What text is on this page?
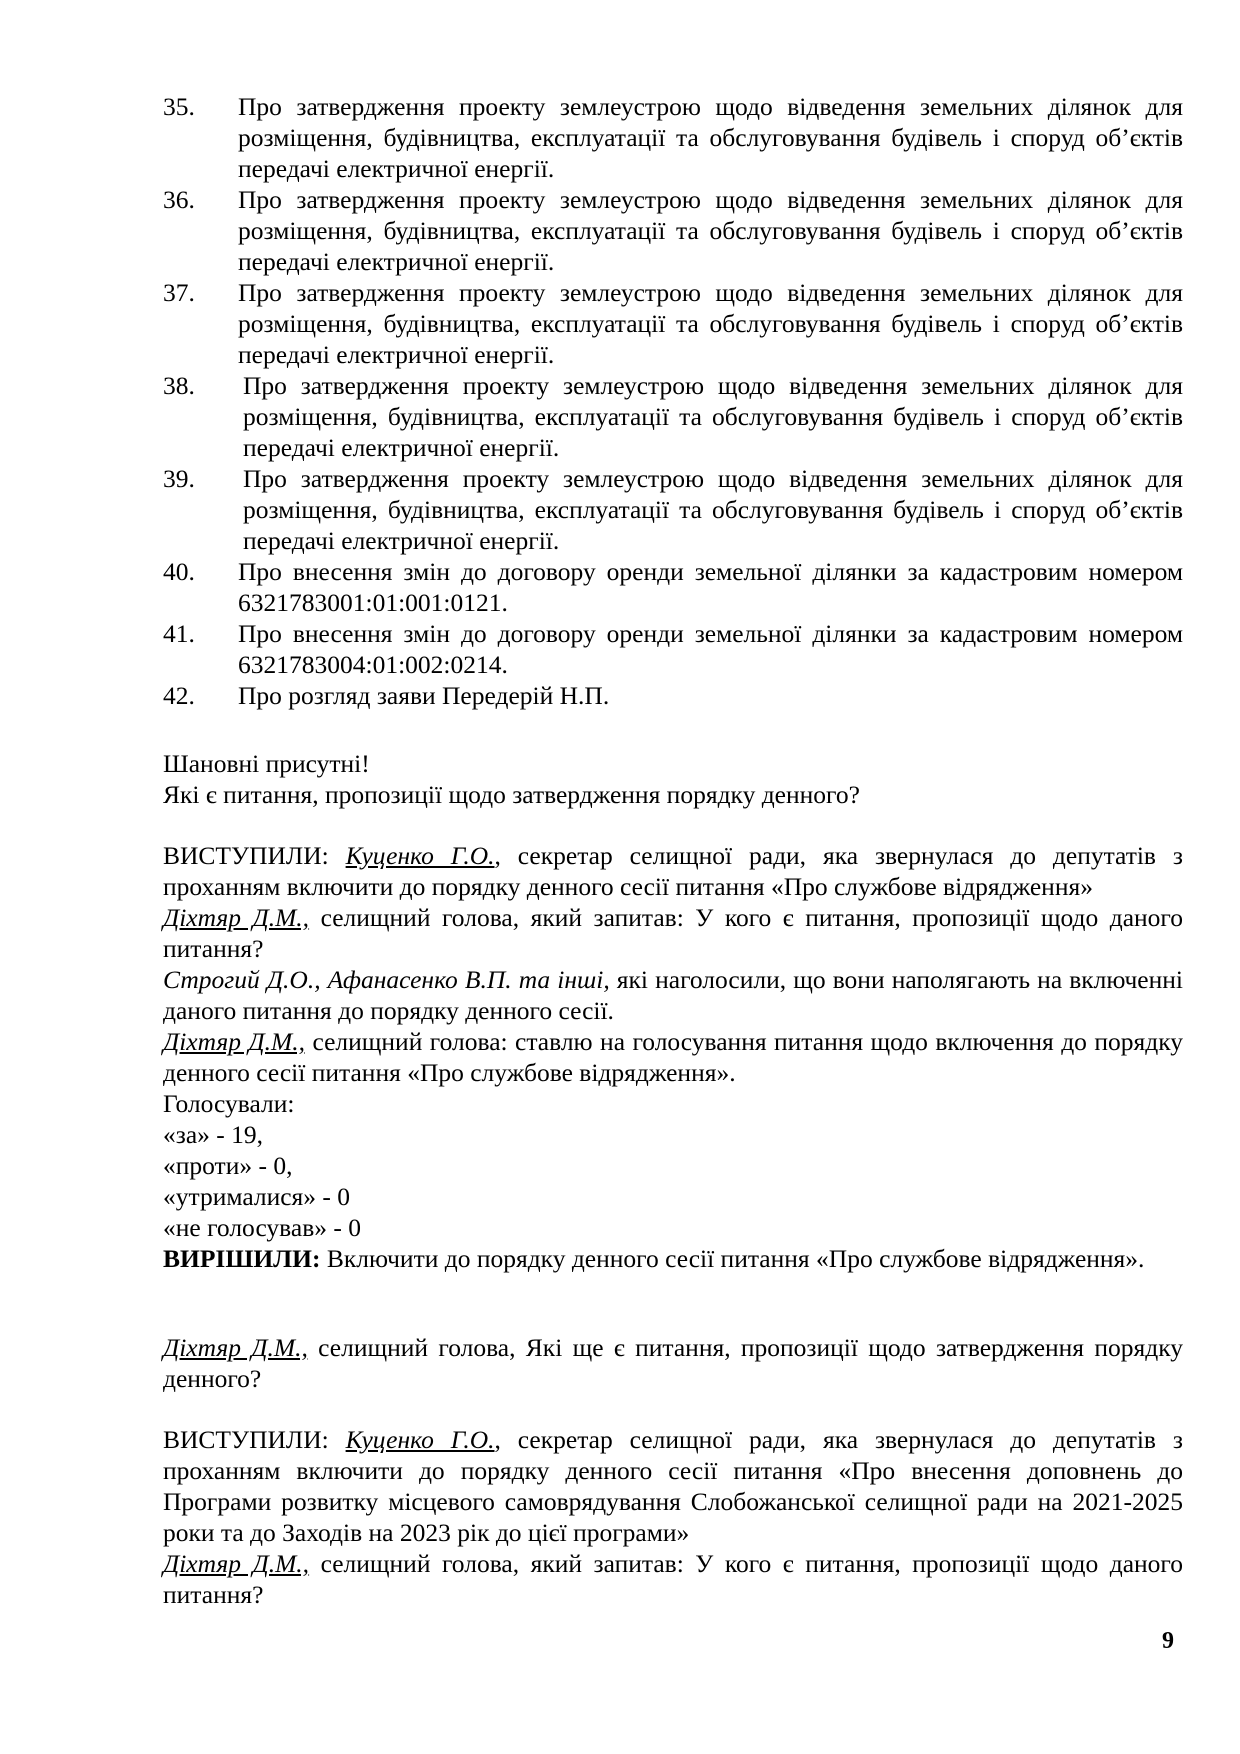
35. Про затвердження проекту землеустрою щодо відведення земельних ділянок для розміщення, будівництва, експлуатації та обслуговування будівель і споруд об’єктів передачі електричної енергії.
36. Про затвердження проекту землеустрою щодо відведення земельних ділянок для розміщення, будівництва, експлуатації та обслуговування будівель і споруд об’єктів передачі електричної енергії.
37. Про затвердження проекту землеустрою щодо відведення земельних ділянок для розміщення, будівництва, експлуатації та обслуговування будівель і споруд об’єктів передачі електричної енергії.
38. Про затвердження проекту землеустрою щодо відведення земельних ділянок для розміщення, будівництва, експлуатації та обслуговування будівель і споруд об’єктів передачі електричної енергії.
39. Про затвердження проекту землеустрою щодо відведення земельних ділянок для розміщення, будівництва, експлуатації та обслуговування будівель і споруд об’єктів передачі електричної енергії.
40. Про внесення змін до договору оренди земельної ділянки за кадастровим номером 6321783001:01:001:0121.
41. Про внесення змін до договору оренди земельної ділянки за кадастровим номером 6321783004:01:002:0214.
42. Про розгляд заяви Передерій Н.П.
Шановні присутні!
Які є питання, пропозиції щодо затвердження порядку денного?
ВИСТУПИЛИ: Куценко Г.О., секретар селищної ради, яка звернулася до депутатів з проханням включити до порядку денного сесії питання «Про службове відрядження»
Діхтяр Д.М., селищний голова, який запитав: У кого є питання, пропозиції щодо даного питання?
Строгий Д.О., Афанасенко В.П. та інші, які наголосили, що вони наполягають на включенні даного питання до порядку денного сесії.
Діхтяр Д.М., селищний голова: ставлю на голосування питання щодо включення до порядку денного сесії питання «Про службове відрядження».
Голосували:
«за» - 19,
«проти» - 0,
«утрималися» - 0
«не голосував» - 0
ВИРІШИЛИ: Включити до порядку денного сесії питання «Про службове відрядження».
Діхтяр Д.М., селищний голова, Які ще є питання, пропозиції щодо затвердження порядку денного?
ВИСТУПИЛИ: Куценко Г.О., секретар селищної ради, яка звернулася до депутатів з проханням включити до порядку денного сесії питання «Про внесення доповнень до Програми розвитку місцевого самоврядування Слобожанської селищної ради на 2021-2025 роки та до Заходів на 2023 рік до цієї програми»
Діхтяр Д.М., селищний голова, який запитав: У кого є питання, пропозиції щодо даного питання?
9
